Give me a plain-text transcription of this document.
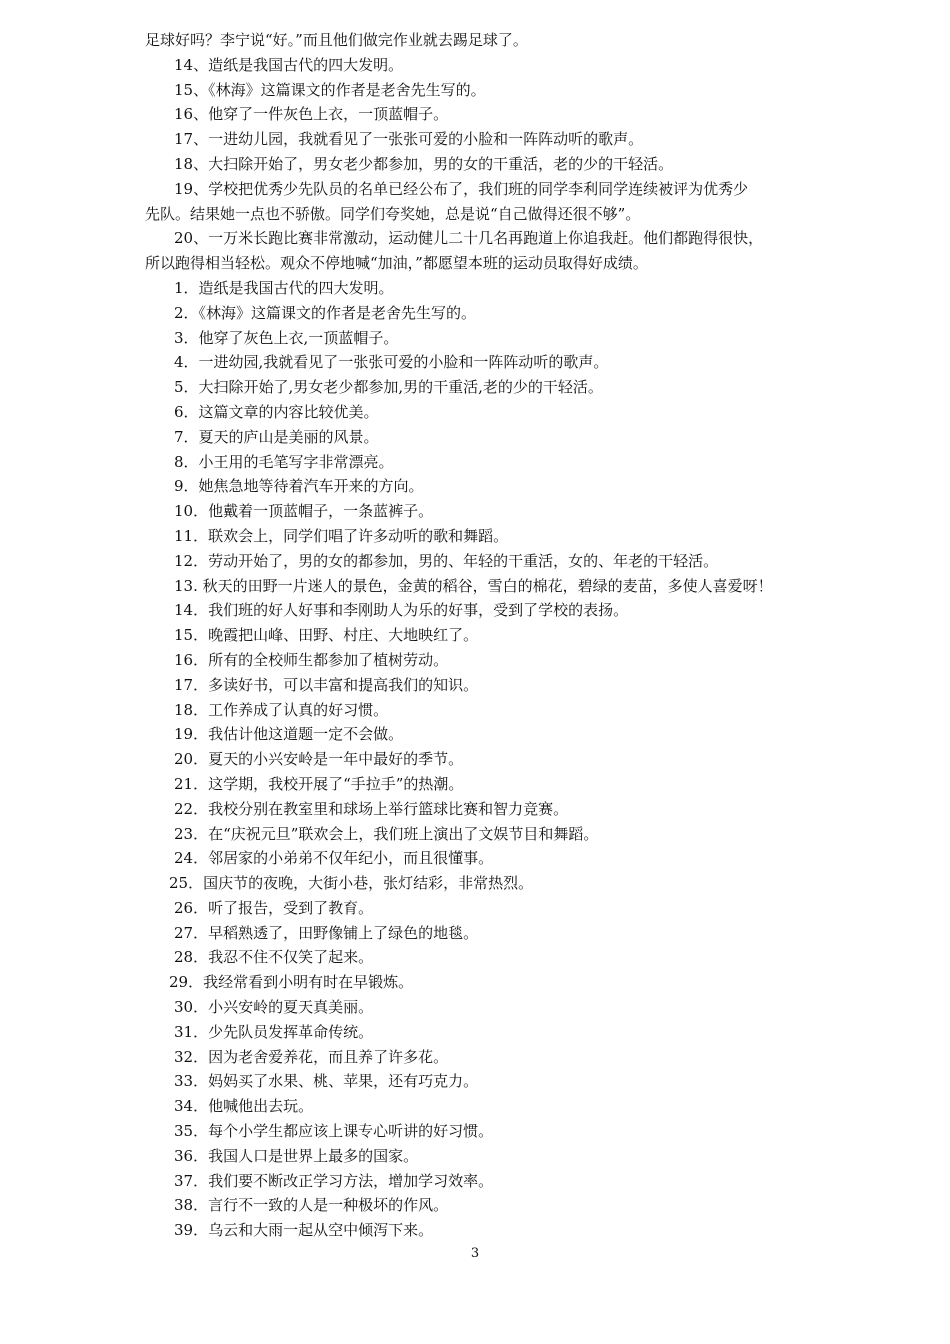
足球好吗？李宁说“好。”而且他们做完作业就去踢足球了。
14、造纸是我国古代的四大发明。
15、《林海》这篇课文的作者是老舍先生写的。
16、他穿了一件灰色上衣，一顶蓝帽子。
17、一进幼儿园，我就看见了一张张可爱的小脸和一阵阵动听的歌声。
18、大扫除开始了，男女老少都参加，男的女的干重活，老的少的干轻活。
19、学校把优秀少先队员的名单已经公布了，我们班的同学李利同学连续被评为优秀少
先队。结果她一点也不骄傲。同学们夸奖她，总是说“自己做得还很不够”。
20、一万米长跑比赛非常激动，运动健儿二十几名再跑道上你追我赶。他们都跑得很快，
所以跑得相当轻松。观众不停地喊“加油，”都愿望本班的运动员取得好成绩。
1．造纸是我国古代的四大发明。
2．《林海》这篇课文的作者是老舍先生写的。
3．他穿了灰色上衣,一顶蓝帽子。
4．一进幼园,我就看见了一张张可爱的小脸和一阵阵动听的歌声。
5．大扫除开始了,男女老少都参加,男的干重活,老的少的干轻活。
6．这篇文章的内容比较优美。
7．夏天的庐山是美丽的风景。
8．小王用的毛笔写字非常漂亮。
9．她焦急地等待着汽车开来的方向。
10．他戴着一顶蓝帽子，一条蓝裤子。
11．联欢会上，同学们唱了许多动听的歌和舞蹈。
12．劳动开始了，男的女的都参加，男的、年轻的干重活，女的、年老的干轻活。
13. 秋天的田野一片迷人的景色，金黄的稻谷，雪白的棉花，碧绿的麦苗，多使人喜爱呀！
14．我们班的好人好事和李刚助人为乐的好事，受到了学校的表扬。
15．晚霞把山峰、田野、村庄、大地映红了。
16．所有的全校师生都参加了植树劳动。
17．多读好书，可以丰富和提高我们的知识。
18．工作养成了认真的好习惯。
19．我估计他这道题一定不会做。
20．夏天的小兴安岭是一年中最好的季节。
21．这学期，我校开展了“手拉手”的热潮。
22．我校分别在教室里和球场上举行篮球比赛和智力竞赛。
23．在“庆祝元旦”联欢会上，我们班上演出了文娱节目和舞蹈。
24．邻居家的小弟弟不仅年纪小，而且很懂事。
25．国庆节的夜晚，大街小巷，张灯结彩，非常热烈。
26．听了报告，受到了教育。
27．早稻熟透了，田野像铺上了绿色的地毯。
28．我忍不住不仅笑了起来。
29．我经常看到小明有时在早锻炼。
30．小兴安岭的夏天真美丽。
31．少先队员发挥革命传统。
32．因为老舍爱养花，而且养了许多花。
33．妈妈买了水果、桃、苹果，还有巧克力。
34．他喊他出去玩。
35．每个小学生都应该上课专心听讲的好习惯。
36．我国人口是世界上最多的国家。
37．我们要不断改正学习方法，增加学习效率。
38．言行不一致的人是一种极坏的作风。
39．乌云和大雨一起从空中倾泻下来。
3
